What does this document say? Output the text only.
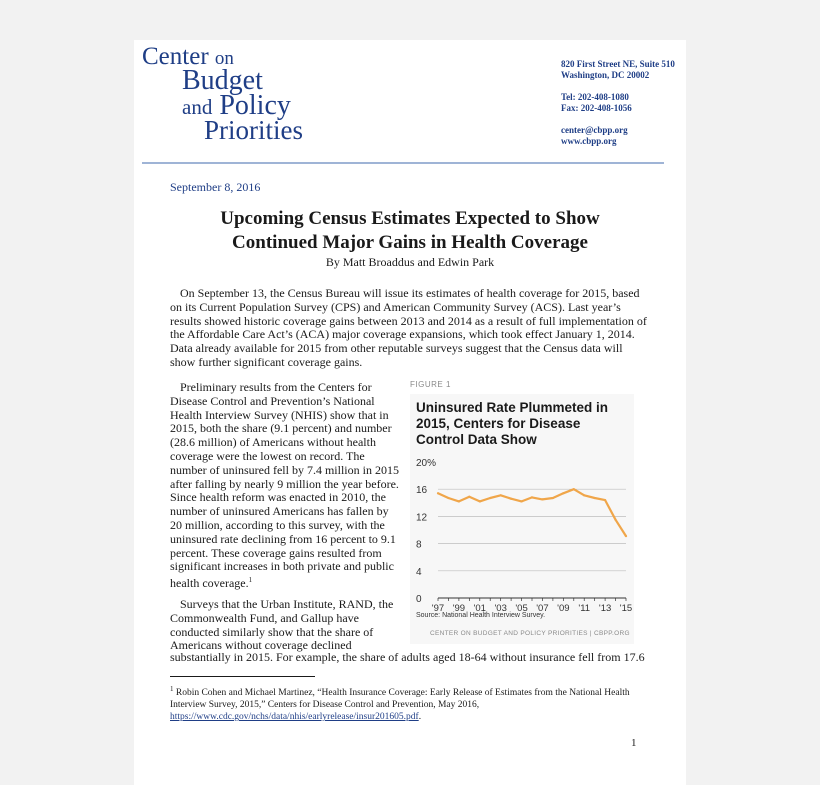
Center on
Budget
and Policy
Priorities
820 First Street NE, Suite 510
Washington, DC 20002
Tel: 202-408-1080
Fax: 202-408-1056
center@cbpp.org
www.cbpp.org
September 8, 2016
Upcoming Census Estimates Expected to Show
Continued Major Gains in Health Coverage
By Matt Broaddus and Edwin Park
On September 13, the Census Bureau will issue its estimates of health coverage for 2015, based on its Current Population Survey (CPS) and American Community Survey (ACS). Last year’s results showed historic coverage gains between 2013 and 2014 as a result of full implementation of the Affordable Care Act’s (ACA) major coverage expansions, which took effect January 1, 2014. Data already available for 2015 from other reputable surveys suggest that the Census data will show further significant coverage gains.
Preliminary results from the Centers for Disease Control and Prevention’s National Health Interview Survey (NHIS) show that in 2015, both the share (9.1 percent) and number (28.6 million) of Americans without health coverage were the lowest on record. The number of uninsured fell by 7.4 million in 2015 after falling by nearly 9 million the year before. Since health reform was enacted in 2010, the number of uninsured Americans has fallen by 20 million, according to this survey, with the uninsured rate declining from 16 percent to 9.1 percent. These coverage gains resulted from significant increases in both private and public health coverage.$^1$
Surveys that the Urban Institute, RAND, the Commonwealth Fund, and Gallup have conducted similarly show that the share of Americans without coverage declined
substantially in 2015. For example, the share of adults aged 18-64 without insurance fell from 17.6
FIGURE 1
Uninsured Rate Plummeted in 2015, Centers for Disease Control Data Show
0
4
8
12
16
20%
'97 '99 '01 '03 '05 '07 '09 '11 '13 '15
Source: National Health Interview Survey.
CENTER ON BUDGET AND POLICY PRIORITIES | CBPP.ORG
$^1$ Robin Cohen and Michael Martinez, “Health Insurance Coverage: Early Release of Estimates from the National Health Interview Survey, 2015,” Centers for Disease Control and Prevention, May 2016, https://www.cdc.gov/nchs/data/nhis/earlyrelease/insur201605.pdf.
1
